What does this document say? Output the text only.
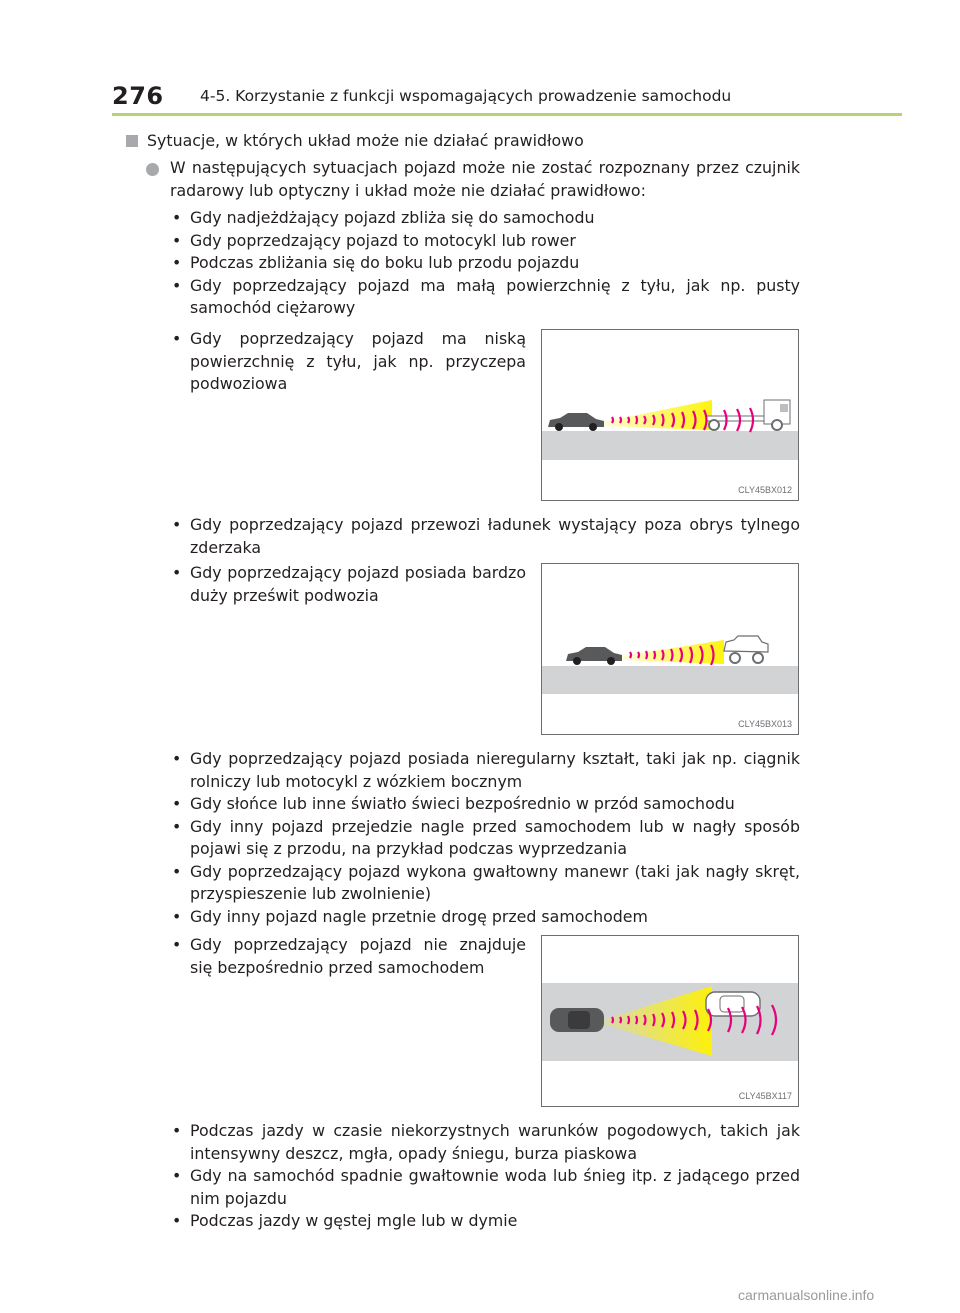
276 4-5. Korzystanie z funkcji wspomagających prowadzenie samochodu
Sytuacje, w których układ może nie działać prawidłowo
W następujących sytuacjach pojazd może nie zostać rozpoznany przez czujnik radarowy lub optyczny i układ może nie działać prawidłowo:
• Gdy nadjeżdżający pojazd zbliża się do samochodu
• Gdy poprzedzający pojazd to motocykl lub rower
• Podczas zbliżania się do boku lub przodu pojazdu
• Gdy poprzedzający pojazd ma małą powierzchnię z tyłu, jak np. pusty samochód ciężarowy
• Gdy poprzedzający pojazd ma niską powierzchnię z tyłu, jak np. przyczepa podwoziowa
CLY45BX012
• Gdy poprzedzający pojazd przewozi ładunek wystający poza obrys tylnego zderzaka
• Gdy poprzedzający pojazd posiada bardzo duży prześwit podwozia
CLY45BX013
• Gdy poprzedzający pojazd posiada nieregularny kształt, taki jak np. ciągnik rolniczy lub motocykl z wózkiem bocznym
• Gdy słońce lub inne światło świeci bezpośrednio w przód samochodu
• Gdy inny pojazd przejedzie nagle przed samochodem lub w nagły sposób pojawi się z przodu, na przykład podczas wyprzedzania
• Gdy poprzedzający pojazd wykona gwałtowny manewr (taki jak nagły skręt, przyspieszenie lub zwolnienie)
• Gdy inny pojazd nagle przetnie drogę przed samochodem
• Gdy poprzedzający pojazd nie znajduje się bezpośrednio przed samochodem
CLY45BX117
• Podczas jazdy w czasie niekorzystnych warunków pogodowych, takich jak intensywny deszcz, mgła, opady śniegu, burza piaskowa
• Gdy na samochód spadnie gwałtownie woda lub śnieg itp. z jadącego przed nim pojazdu
• Podczas jazdy w gęstej mgle lub w dymie
carmanualsonline.info
